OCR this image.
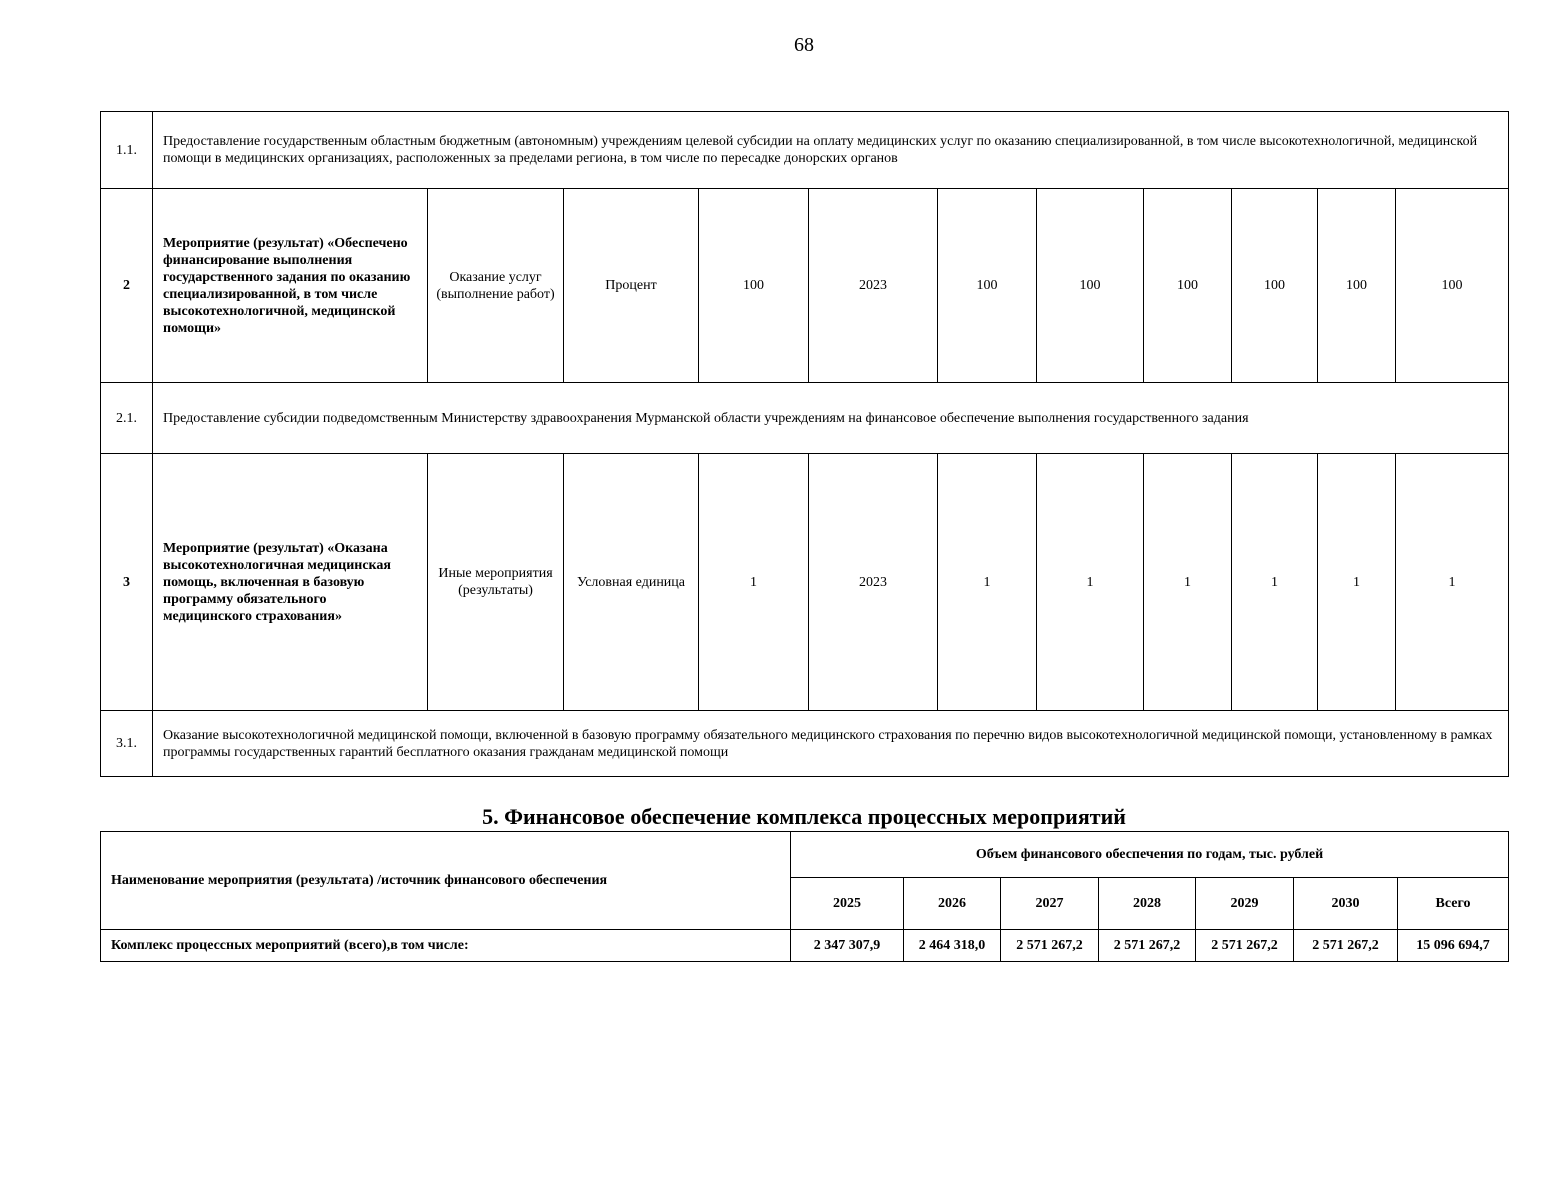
68
1.1.	Предоставление государственным областным бюджетным (автономным) учреждениям целевой субсидии на оплату медицинских услуг по оказанию специализированной, в том числе высокотехнологичной, медицинской помощи в медицинских организациях, расположенных за пределами региона, в том числе по пересадке донорских органов										
2	Мероприятие (результат) «Обеспечено финансирование выполнения государственного задания по оказанию специализированной, в том числе высокотехнологичной, медицинской помощи»	Оказание услуг (выполнение работ)	Процент	100	2023	100	100	100	100	100	100
2.1.	Предоставление субсидии подведомственным Министерству здравоохранения Мурманской области учреждениям на финансовое обеспечение выполнения государственного задания										
3	Мероприятие (результат) «Оказана высокотехнологичная медицинская помощь, включенная в базовую программу обязательного медицинского страхования»	Иные мероприятия (результаты)	Условная единица	1	2023	1	1	1	1	1	1
3.1.	Оказание высокотехнологичной медицинской помощи, включенной в базовую программу обязательного медицинского страхования по перечню видов высокотехнологичной медицинской помощи, установленному в рамках программы государственных гарантий бесплатного оказания гражданам медицинской помощи										
5. Финансовое обеспечение комплекса процессных мероприятий
Наименование мероприятия (результата) /источник финансового обеспечения	Объем финансового обеспечения по годам, тыс. рублей						
	2025	2026	2027	2028	2029	2030	Всего
Комплекс процессных мероприятий (всего),в том числе:	2 347 307,9	2 464 318,0	2 571 267,2	2 571 267,2	2 571 267,2	2 571 267,2	15 096 694,7
